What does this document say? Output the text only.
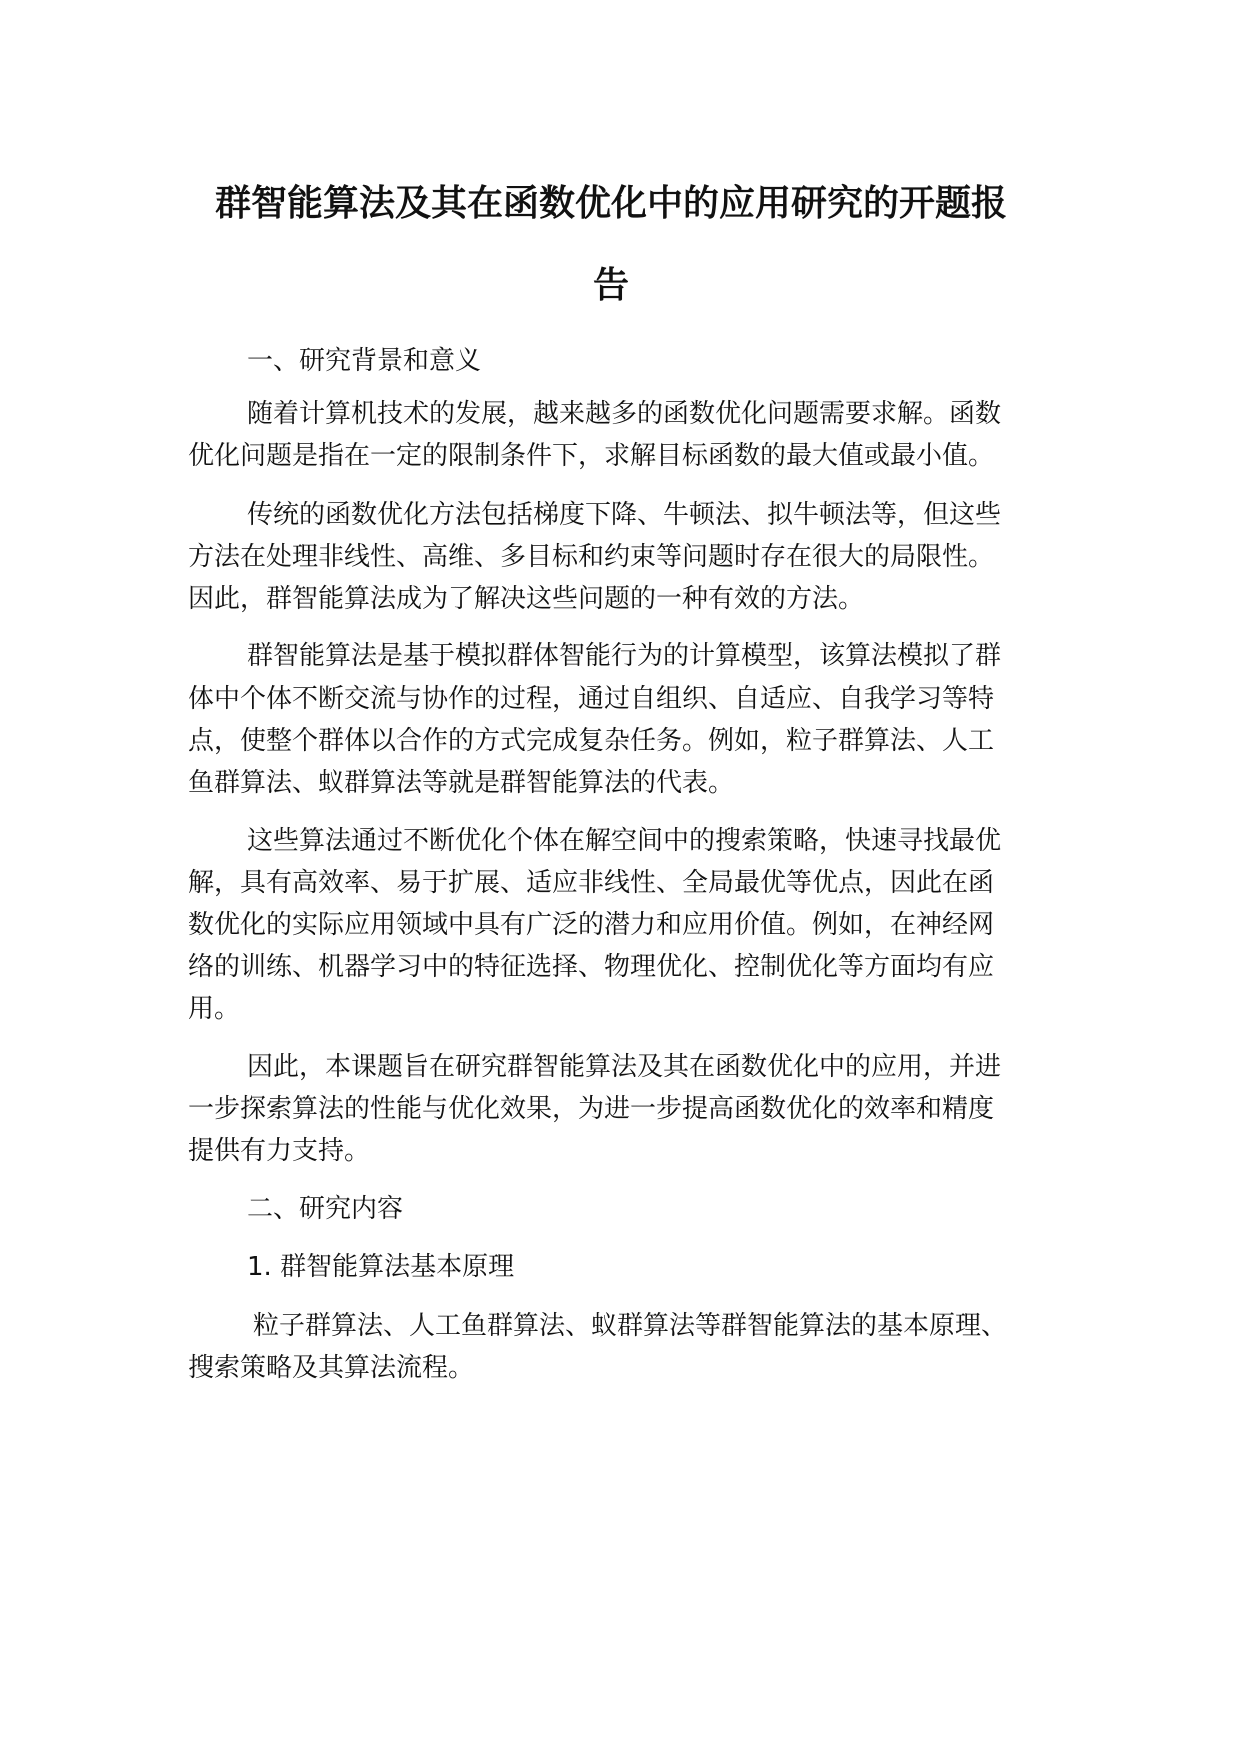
群智能算法及其在函数优化中的应用研究的开题报
告

一、研究背景和意义

随着计算机技术的发展，越来越多的函数优化问题需要求解。函数

优化问题是指在一定的限制条件下，求解目标函数的最大值或最小值。

传统的函数优化方法包括梯度下降、牛顿法、拟牛顿法等，但这些

方法在处理非线性、高维、多目标和约束等问题时存在很大的局限性。

因此，群智能算法成为了解决这些问题的一种有效的方法。

群智能算法是基于模拟群体智能行为的计算模型，该算法模拟了群

体中个体不断交流与协作的过程，通过自组织、自适应、自我学习等特

点，使整个群体以合作的方式完成复杂任务。例如，粒子群算法、人工

鱼群算法、蚁群算法等就是群智能算法的代表。

这些算法通过不断优化个体在解空间中的搜索策略，快速寻找最优

解，具有高效率、易于扩展、适应非线性、全局最优等优点，因此在函

数优化的实际应用领域中具有广泛的潜力和应用价值。例如，在神经网

络的训练、机器学习中的特征选择、物理优化、控制优化等方面均有应

用。

因此，本课题旨在研究群智能算法及其在函数优化中的应用，并进

一步探索算法的性能与优化效果，为进一步提高函数优化的效率和精度

提供有力支持。

二、研究内容

1. 群智能算法基本原理

粒子群算法、人工鱼群算法、蚁群算法等群智能算法的基本原理、

搜索策略及其算法流程。
